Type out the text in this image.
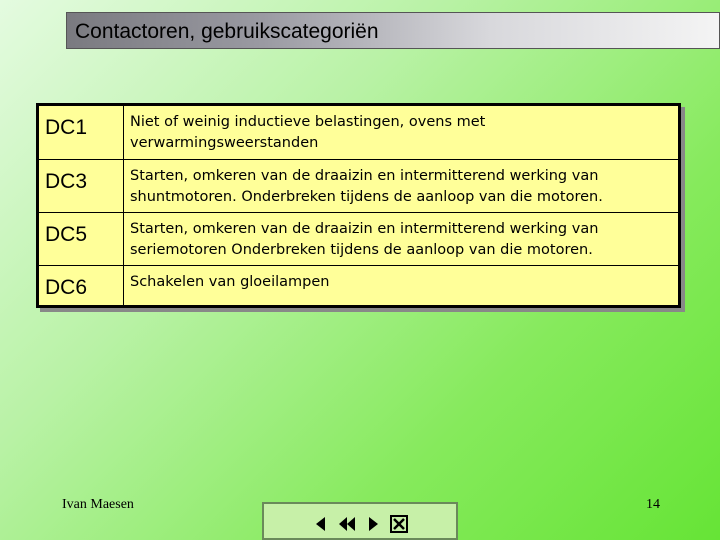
Contactoren, gebruikscategoriën
DC1	Niet of weinig inductieve belastingen, ovens met verwarmingsweerstanden
DC3	Starten, omkeren van de draaizin en intermitterend werking van shuntmotoren. Onderbreken tijdens de aanloop van die motoren.
DC5	Starten, omkeren van de draaizin en intermitterend werking van seriemotoren Onderbreken tijdens de aanloop van die motoren.
DC6	Schakelen van gloeilampen
Ivan Maesen	14
